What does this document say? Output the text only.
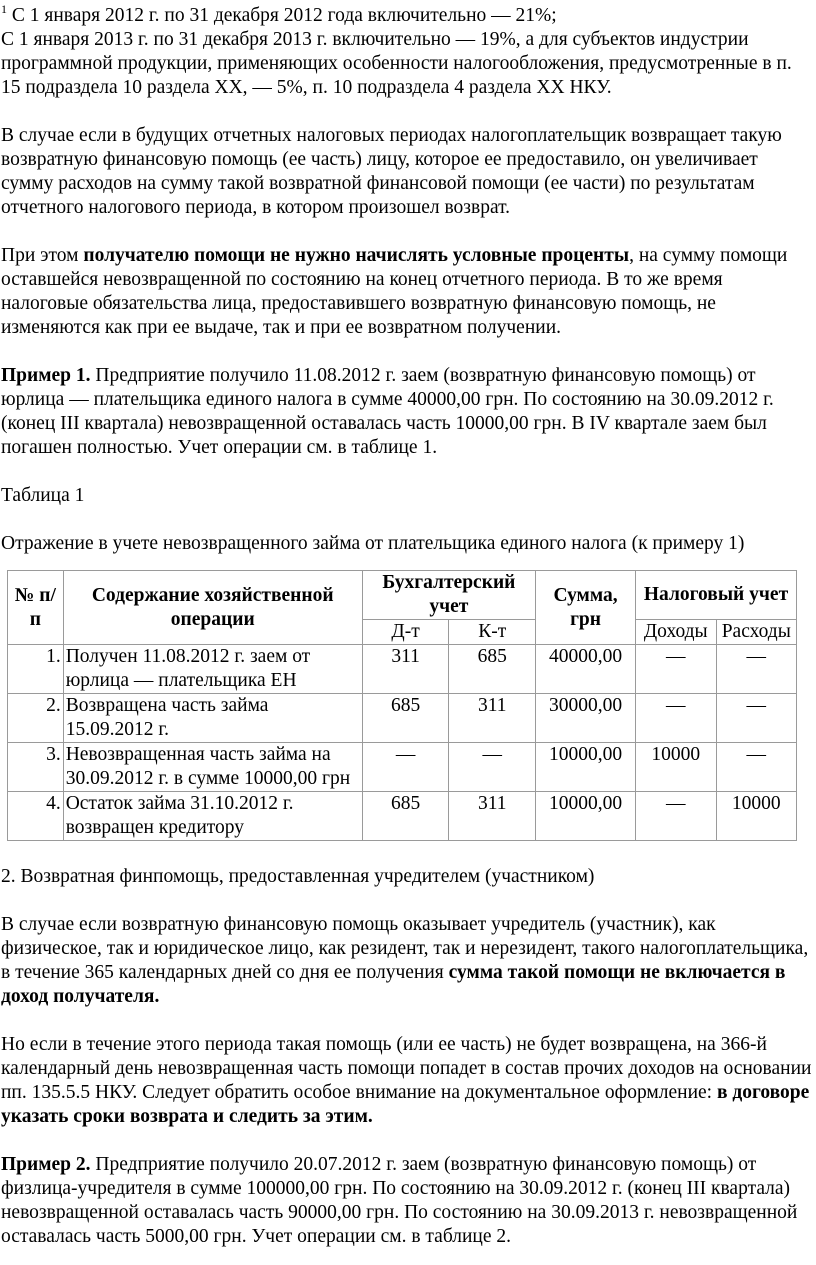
$^1$ С 1 января 2012 г. по 31 декабря 2012 года включительно — 21%;
С 1 января 2013 г. по 31 декабря 2013 г. включительно — 19%, а для субъектов индустрии программной продукции, применяющих особенности налогообложения, предусмотренные в п. 15 подраздела 10 раздела ХХ, — 5%, п. 10 подраздела 4 раздела ХХ НКУ.

В случае если в будущих отчетных налоговых периодах налогоплательщик возвращает такую возвратную финансовую помощь (ее часть) лицу, которое ее предоставило, он увеличивает сумму расходов на сумму такой возвратной финансовой помощи (ее части) по результатам отчетного налогового периода, в котором произошел возврат.

При этом получателю помощи не нужно начислять условные проценты, на сумму помощи оставшейся невозвращенной по состоянию на конец отчетного периода. В то же время налоговые обязательства лица, предоставившего возвратную финансовую помощь, не изменяются как при ее выдаче, так и при ее возвратном получении.

Пример 1. Предприятие получило 11.08.2012 г. заем (возвратную финансовую помощь) от юрлица — плательщика единого налога в сумме 40000,00 грн. По состоянию на 30.09.2012 г. (конец III квартала) невозвращенной оставалась часть 10000,00 грн. В IV квартале заем был погашен полностью. Учет операции см. в таблице 1.

Таблица 1

Отражение в учете невозвращенного займа от плательщика единого налога (к примеру 1)

№ п/п	Содержание хозяйственной операции	Бухгалтерский учет		Сумма, грн	Налоговый учет	
		Д-т	К-т		Доходы	Расходы
1.	Получен 11.08.2012 г. заем от юрлица — плательщика ЕН	311	685	40000,00	—	—
2.	Возвращена часть займа 15.09.2012 г.	685	311	30000,00	—	—
3.	Невозвращенная часть займа на 30.09.2012 г. в сумме 10000,00 грн	—	—	10000,00	10000	—
4.	Остаток займа 31.10.2012 г. возвращен кредитору	685	311	10000,00	—	10000

2. Возвратная финпомощь, предоставленная учредителем (участником)

В случае если возвратную финансовую помощь оказывает учредитель (участник), как физическое, так и юридическое лицо, как резидент, так и нерезидент, такого налогоплательщика, в течение 365 календарных дней со дня ее получения сумма такой помощи не включается в доход получателя.

Но если в течение этого периода такая помощь (или ее часть) не будет возвращена, на 366-й календарный день невозвращенная часть помощи попадет в состав прочих доходов на основании пп. 135.5.5 НКУ. Следует обратить особое внимание на документальное оформление: в договоре указать сроки возврата и следить за этим.

Пример 2. Предприятие получило 20.07.2012 г. заем (возвратную финансовую помощь) от физлица-учредителя в сумме 100000,00 грн. По состоянию на 30.09.2012 г. (конец III квартала) невозвращенной оставалась часть 90000,00 грн. По состоянию на 30.09.2013 г. невозвращенной оставалась часть 5000,00 грн. Учет операции см. в таблице 2.
